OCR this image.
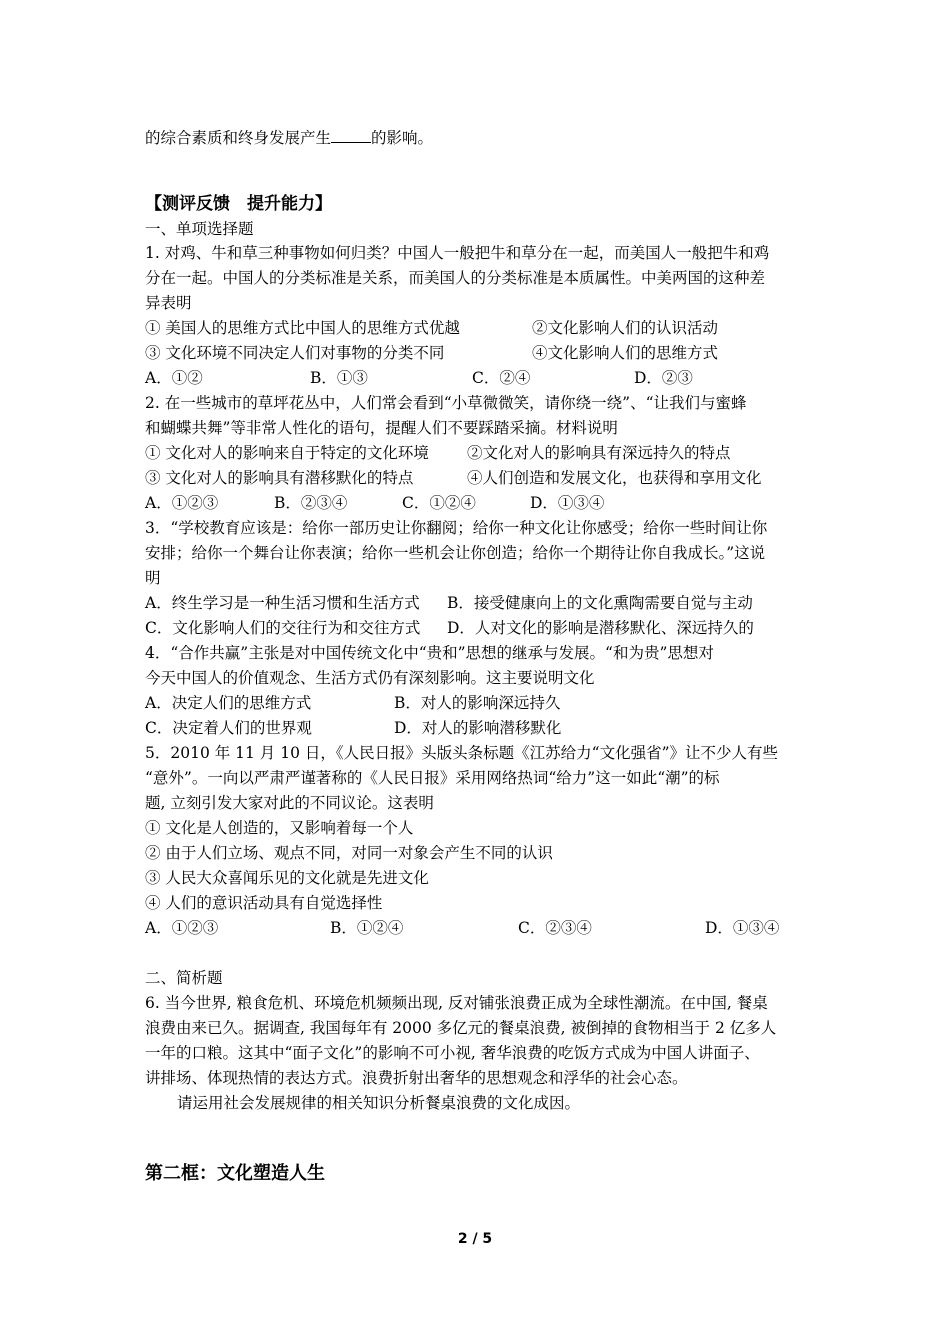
的综合素质和终身发展产生	的影响。
【测评反馈　提升能力】
一、单项选择题
1. 对鸡、牛和草三种事物如何归类？中国人一般把牛和草分在一起，而美国人一般把牛和鸡
分在一起。中国人的分类标准是关系，而美国人的分类标准是本质属性。中美两国的这种差
异表明
① 美国人的思维方式比中国人的思维方式优越	②文化影响人们的认识活动
③ 文化环境不同决定人们对事物的分类不同	④文化影响人们的思维方式
A．①②	B．①③	C．②④	D．②③
2. 在一些城市的草坪花丛中，人们常会看到“小草微微笑，请你绕一绕”、“让我们与蜜蜂
和蝴蝶共舞”等非常人性化的语句，提醒人们不要踩踏采摘。材料说明
① 文化对人的影响来自于特定的文化环境 ②文化对人的影响具有深远持久的特点
③ 文化对人的影响具有潜移默化的特点	④人们创造和发展文化，也获得和享用文化
A．①②③	B．②③④	C．①②④	D．①③④
3．“学校教育应该是：给你一部历史让你翻阅；给你一种文化让你感受；给你一些时间让你
安排；给你一个舞台让你表演；给你一些机会让你创造；给你一个期待让你自我成长。”这说
明
A．终生学习是一种生活习惯和生活方式 B．接受健康向上的文化熏陶需要自觉与主动
C．文化影响人们的交往行为和交往方式 D．人对文化的影响是潜移默化、深远持久的
4．“合作共赢”主张是对中国传统文化中“贵和”思想的继承与发展。“和为贵”思想对
今天中国人的价值观念、生活方式仍有深刻影响。这主要说明文化
A．决定人们的思维方式	B．对人的影响深远持久
C．决定着人们的世界观	D．对人的影响潜移默化
5．2010 年 11 月 10 日，《人民日报》头版头条标题《江苏给力“文化强省”》让不少人有些
“意外”。一向以严肃严谨著称的《人民日报》采用网络热词“给力”这一如此“潮”的标
题, 立刻引发大家对此的不同议论。这表明
① 文化是人创造的，又影响着每一个人
② 由于人们立场、观点不同，对同一对象会产生不同的认识
③ 人民大众喜闻乐见的文化就是先进文化
④ 人们的意识活动具有自觉选择性
A．①②③	B．①②④	C．②③④	D．①③④
二、简析题
6. 当今世界, 粮食危机、环境危机频频出现, 反对铺张浪费正成为全球性潮流。在中国, 餐桌
浪费由来已久。据调查, 我国每年有 2000 多亿元的餐桌浪费, 被倒掉的食物相当于 2 亿多人
一年的口粮。这其中“面子文化”的影响不可小视, 奢华浪费的吃饭方式成为中国人讲面子、
讲排场、体现热情的表达方式。浪费折射出奢华的思想观念和浮华的社会心态。
请运用社会发展规律的相关知识分析餐桌浪费的文化成因。
第二框：文化塑造人生
2 / 5
